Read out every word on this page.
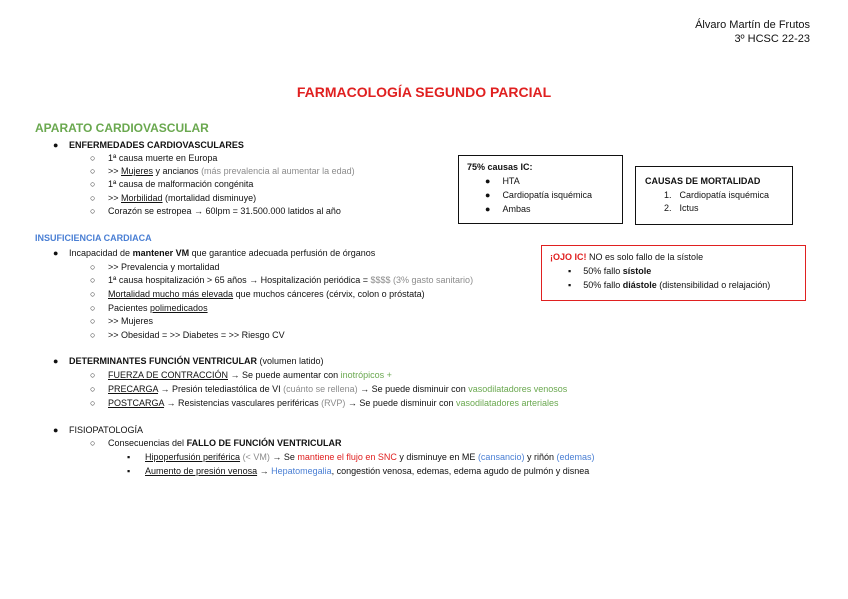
Álvaro Martín de Frutos
3º HCSC 22-23
FARMACOLOGÍA SEGUNDO PARCIAL
APARATO CARDIOVASCULAR
● ENFERMEDADES CARDIOVASCULARES
○ 1ª causa muerte en Europa
○ >> Mujeres y ancianos (más prevalencia al aumentar la edad)
○ 1ª causa de malformación congénita
○ >> Morbilidad (mortalidad disminuye)
○ Corazón se estropea → 60lpm = 31.500.000 latidos al año
75% causas IC:
● HTA
● Cardiopatía isquémica
● Ambas
CAUSAS DE MORTALIDAD
1. Cardiopatía isquémica
2. Ictus
INSUFICIENCIA CARDIACA
● Incapacidad de mantener VM que garantice adecuada perfusión de órganos
○ >> Prevalencia y mortalidad
○ 1ª causa hospitalización > 65 años → Hospitalización periódica = $$$$ (3% gasto sanitario)
○ Mortalidad mucho más elevada que muchos cánceres (cérvix, colon o próstata)
○ Pacientes polimedicados
○ >> Mujeres
○ >> Obesidad = >> Diabetes = >> Riesgo CV
¡OJO IC! NO es solo fallo de la sístole
▪ 50% fallo sístole
▪ 50% fallo diástole (distensibilidad o relajación)
● DETERMINANTES FUNCIÓN VENTRICULAR (volumen latido)
○ FUERZA DE CONTRACCIÓN → Se puede aumentar con inotrópicos +
○ PRECARGA → Presión telediastólica de VI (cuánto se rellena) → Se puede disminuir con vasodilatadores venosos
○ POSTCARGA → Resistencias vasculares periféricas (RVP) → Se puede disminuir con vasodilatadores arteriales
● FISIOPATOLOGÍA
○ Consecuencias del FALLO DE FUNCIÓN VENTRICULAR
▪ Hipoperfusión periférica (< VM) → Se mantiene el flujo en SNC y disminuye en ME (cansancio) y riñón (edemas)
▪ Aumento de presión venosa → Hepatomegalia, congestión venosa, edemas, edema agudo de pulmón y disnea
